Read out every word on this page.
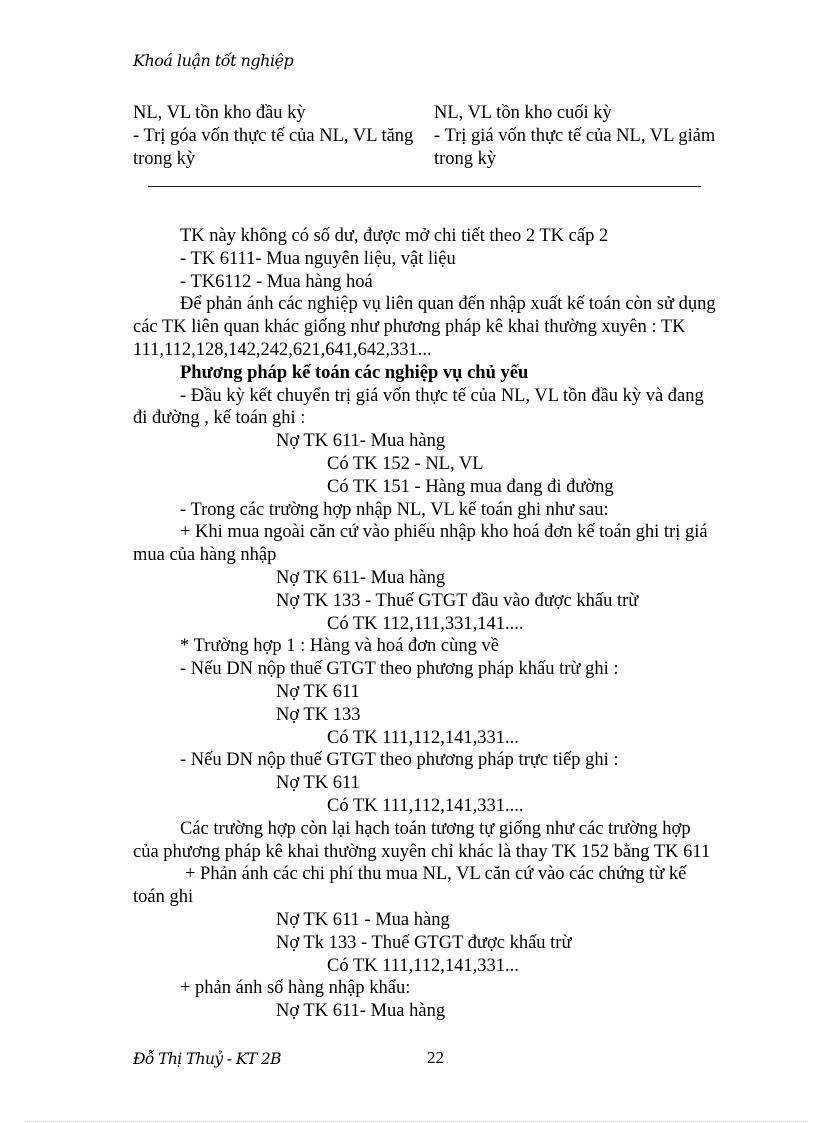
Khoá luận tốt nghiệp
NL, VL tồn kho đầu kỳ
- Trị góa vốn thực tế của NL, VL tăng
trong kỳ
NL, VL tồn kho cuối kỳ
- Trị giá vốn thực tế của NL, VL giảm
trong kỳ
TK này không có số dư, được mở chi tiết theo 2 TK cấp 2
- TK 6111- Mua nguyên liệu, vật liệu
- TK6112 - Mua hàng hoá
Để phản ánh các nghiệp vụ liên quan đến nhập xuất kế toán còn sử dụng
các TK liên quan khác giống như phương pháp kê khai thường xuyên : TK
111,112,128,142,242,621,641,642,331...
Phương pháp kế toán các nghiệp vụ chủ yếu
- Đầu kỳ kết chuyển trị giá vốn thực tế của NL, VL tồn đầu kỳ và đang
đi đường , kế toán ghi :
Nợ TK 611- Mua hàng
Có TK 152 - NL, VL
Có TK 151 - Hàng mua đang đi đường
- Trong các trường hợp nhập NL, VL kế toán ghi như sau:
+ Khi mua ngoài căn cứ vào phiếu nhập kho hoá đơn kế toán ghi trị giá
mua của hàng nhập
Nợ TK 611- Mua hàng
Nợ TK 133 - Thuế GTGT đầu vào được khấu trừ
Có TK 112,111,331,141....
* Trường hợp 1 : Hàng và hoá đơn cùng về
- Nếu DN nộp thuế GTGT theo phương pháp khấu trừ ghi :
Nợ TK 611
Nợ TK 133
Có TK 111,112,141,331...
- Nếu DN nộp thuế GTGT theo phương pháp trực tiếp ghi :
Nợ TK 611
Có TK 111,112,141,331....
Các trường hợp còn lại hạch toán tương tự giống như các trường hợp
của phương pháp kê khai thường xuyên chỉ khác là thay TK 152 bằng TK 611
+ Phản ánh các chi phí thu mua NL, VL căn cứ vào các chứng từ kế
toán ghi
Nợ TK 611 - Mua hàng
Nợ Tk 133 - Thuế GTGT được khấu trừ
Có TK 111,112,141,331...
+ phản ánh số hàng nhập khẩu:
Nợ TK 611- Mua hàng
Đỗ Thị Thuỷ - KT 2B	22
